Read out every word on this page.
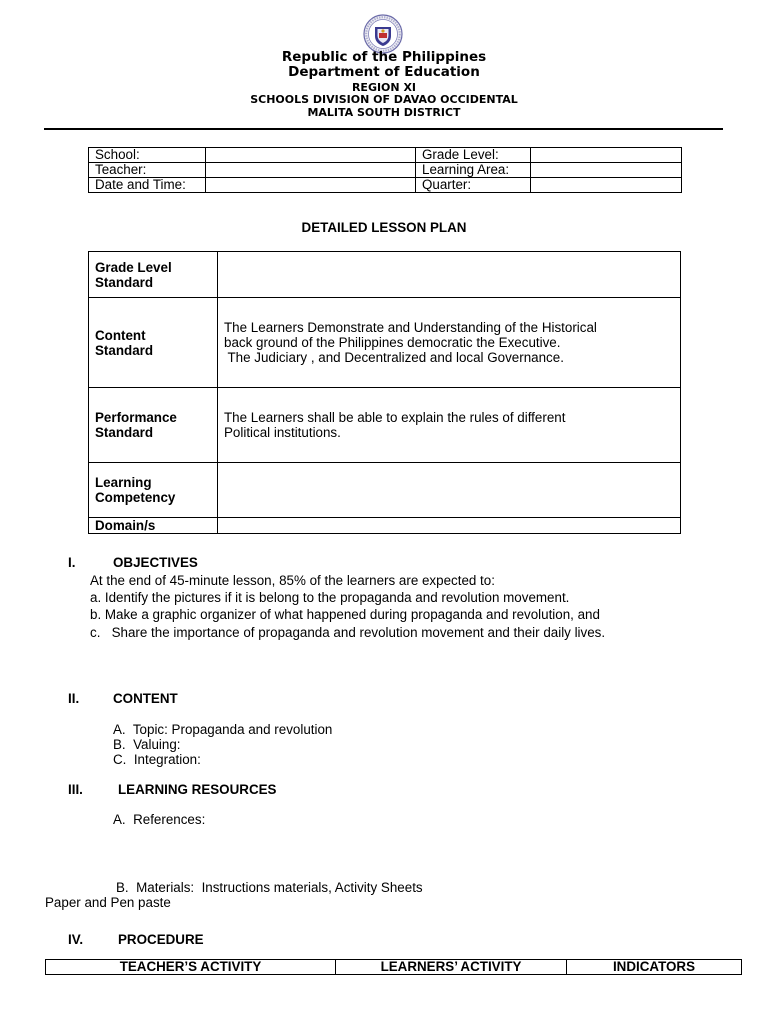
Republic of the Philippines
Department of Education
REGION XI
SCHOOLS DIVISION OF DAVAO OCCIDENTAL
MALITA SOUTH DISTRICT
School:		Grade Level:	
Teacher:		Learning Area:	
Date and Time:		Quarter:	
DETAILED LESSON PLAN
Grade Level Standard	

Content Standard	The Learners Demonstrate and Understanding of the Historical
back ground of the Philippines democratic the Executive.
The Judiciary , and Decentralized and local Governance.

Performance Standard	The Learners shall be able to explain the rules of different
Political institutions.

Learning Competency	

Domain/s	
I.	OBJECTIVES
At the end of 45-minute lesson, 85% of the learners are expected to:
a. Identify the pictures if it is belong to the propaganda and revolution movement.
b. Make a graphic organizer of what happened during propaganda and revolution, and
c.   Share the importance of propaganda and revolution movement and their daily lives.
II.	CONTENT
A.  Topic: Propaganda and revolution
B.  Valuing:
C.  Integration:
III.	LEARNING RESOURCES
A.  References:
B.  Materials:  Instructions materials, Activity Sheets
Paper and Pen paste
IV.	PROCEDURE
TEACHER’S ACTIVITY	LEARNERS’ ACTIVITY	INDICATORS
